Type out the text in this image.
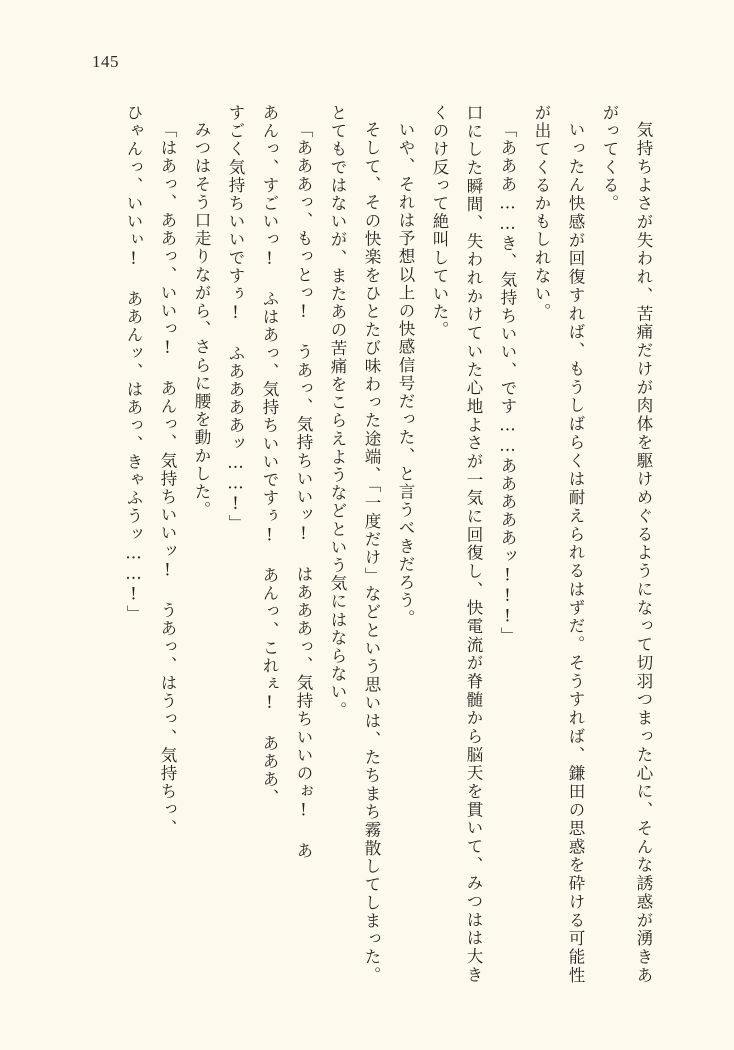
145

気持ちよさが失われ、苦痛だけが肉体を駆けめぐるようになって切羽つまった心に、そんな誘惑が湧きあがってくる。

いったん快感が回復すれば、もうしばらくは耐えられるはずだ。そうすれば、鎌田の思惑を砕ける可能性が出てくるかもしれない。

「あああ……き、気持ちいい、です……あああああッ!!!」

口にした瞬間、失われかけていた心地よさが一気に回復し、快電流が脊髄から脳天を貫いて、みつはは大きくのけ反って絶叫していた。

いや、それは予想以上の快感信号だった、と言うべきだろう。

そして、その快楽をひとたび味わった途端、「一度だけ」などという思いは、たちまち霧散してしまった。とてもではないが、またあの苦痛をこらえようなどという気にはならない。

「あああっ、もっとっ! うあっ、気持ちいいッ! はあああっ、気持ちいいのぉ! あ

あんっ、すごいっ! ふはあっ、気持ちいいですぅ! あんっ、これぇ! あああ、

すごく気持ちいいですぅ! ふああああッ……!」

みつはそう口走りながら、さらに腰を動かした。

「はあっ、ああっ、いいっ! あんっ、気持ちいいッ! うあっ、はうっ、気持ちっ、

ひゃんっ、いいぃ! ああんッ、はあっ、きゃふうッ……!」
